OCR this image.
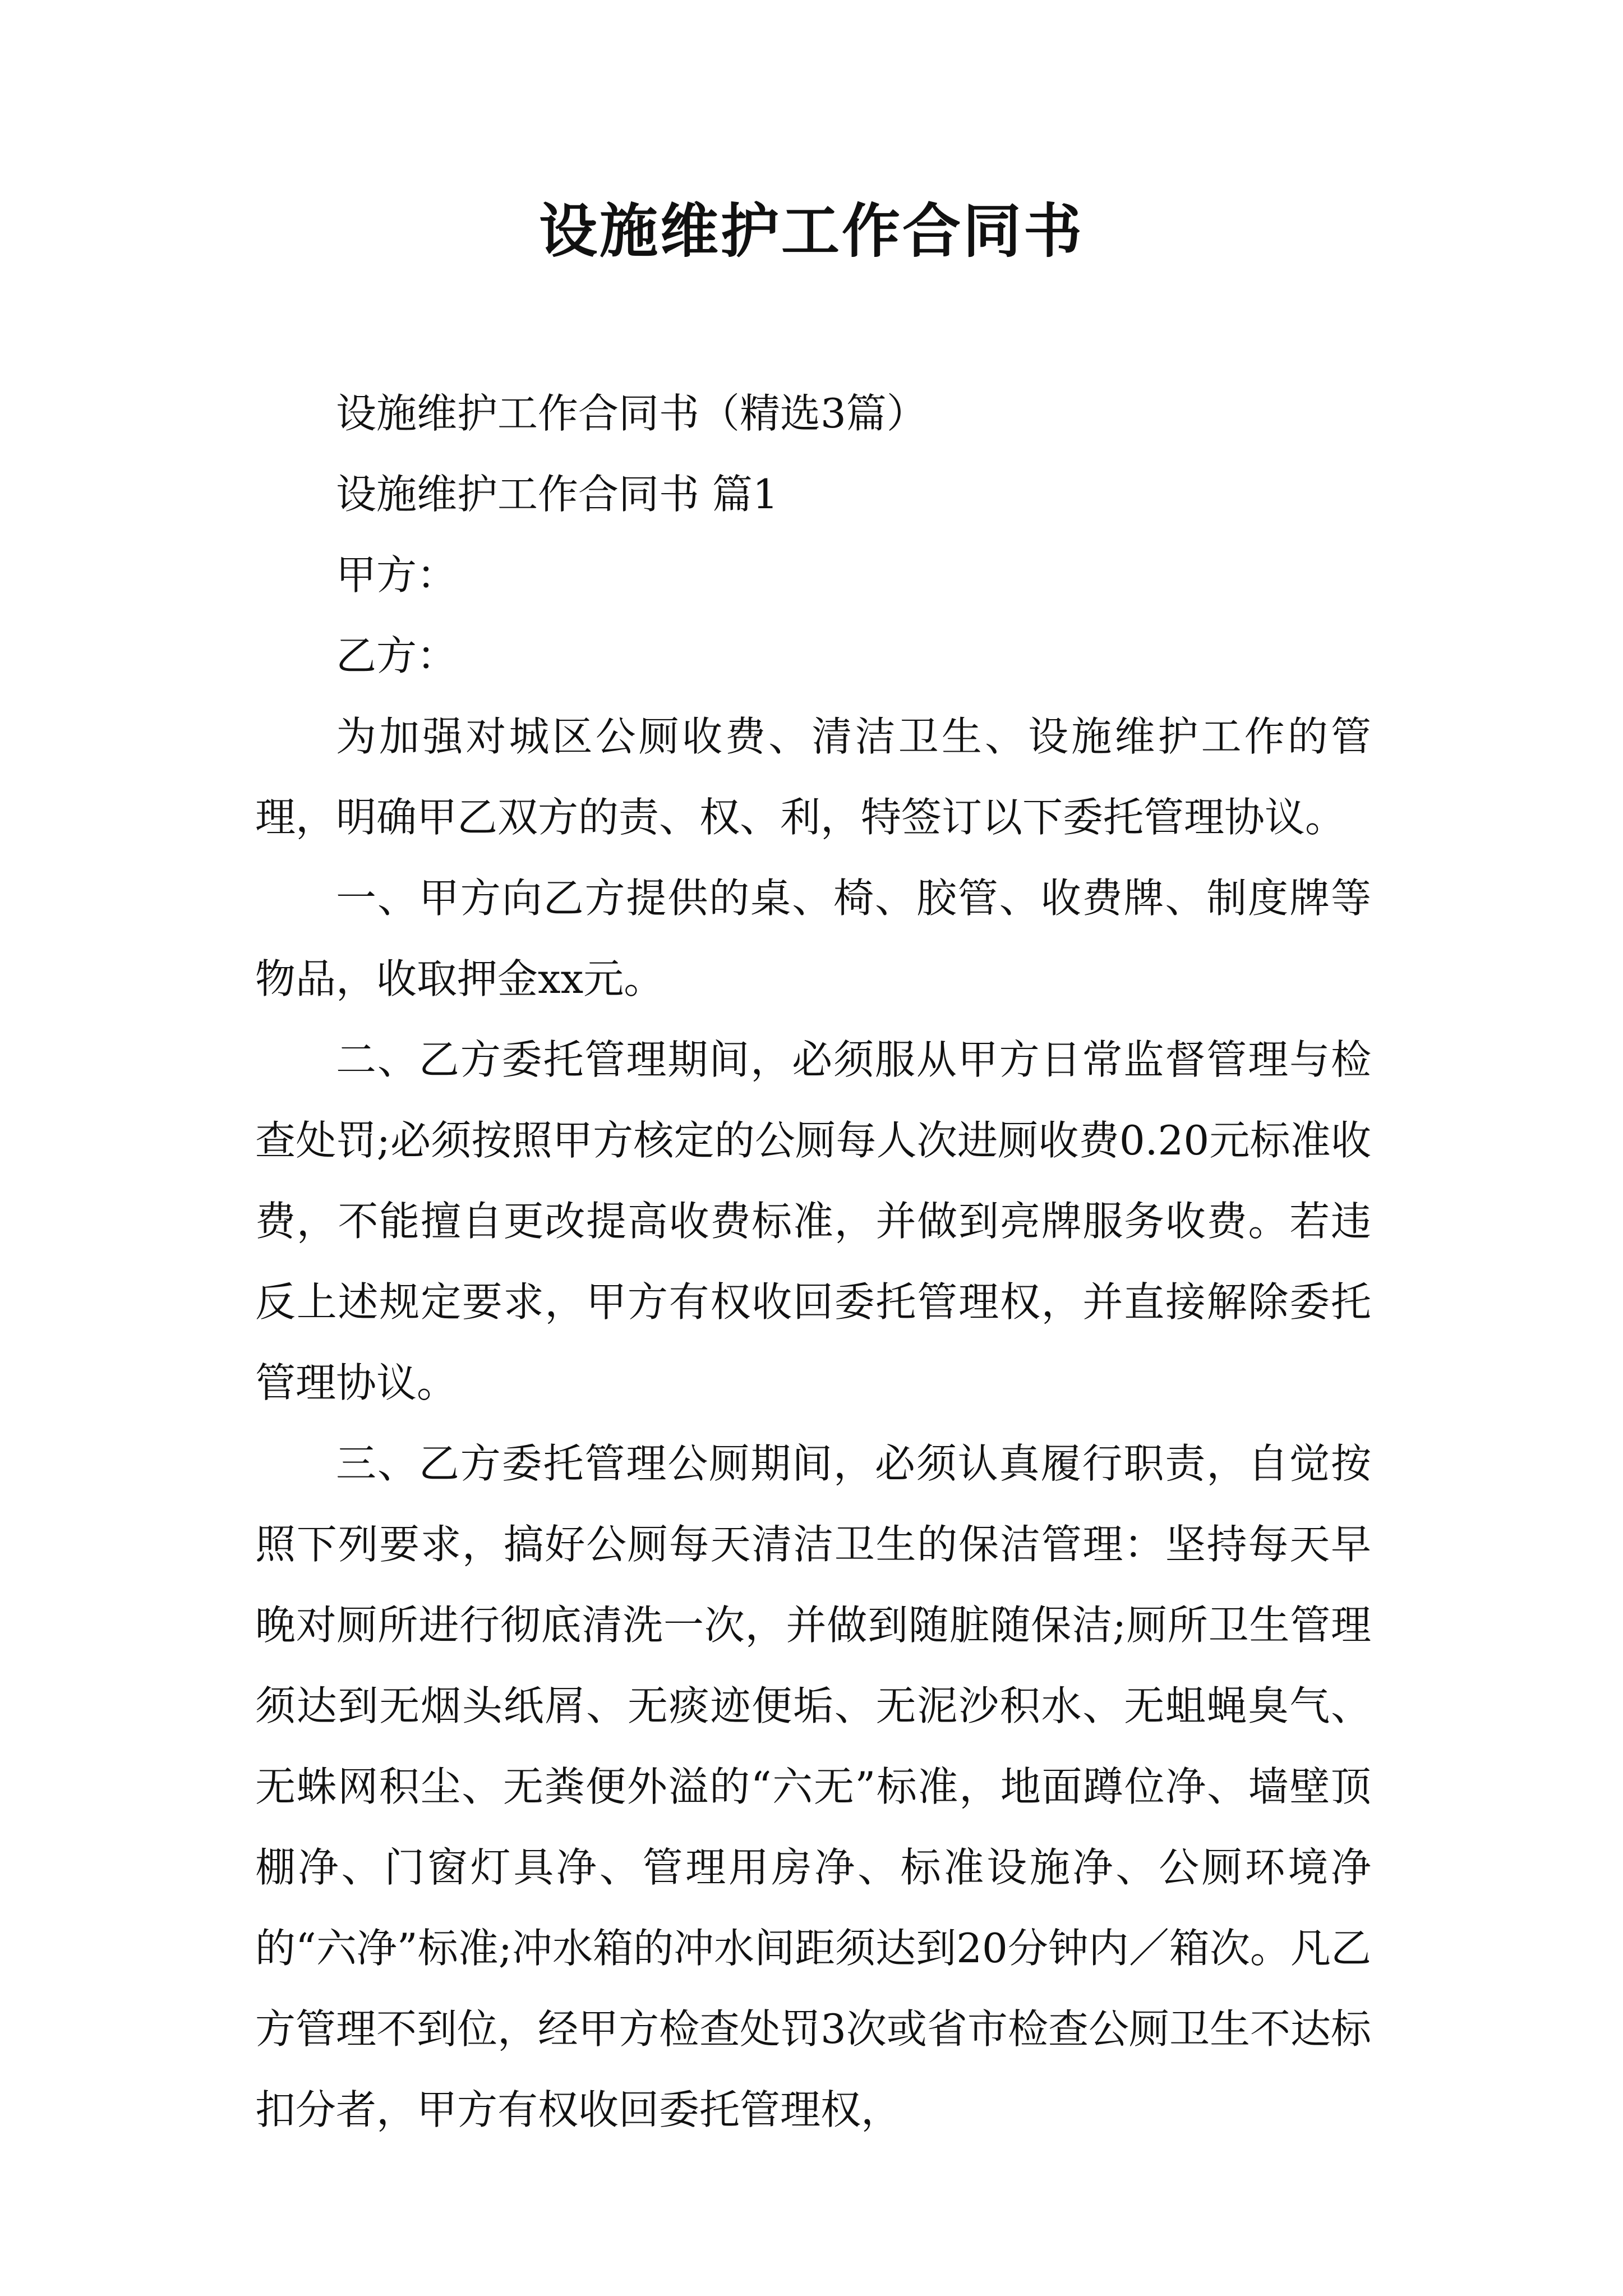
设施维护工作合同书

设施维护工作合同书（精选3篇）

设施维护工作合同书 篇1

甲方：

乙方：

为加强对城区公厕收费、清洁卫生、设施维护工作的管理，明确甲乙双方的责、权、利，特签订以下委托管理协议。

一、甲方向乙方提供的桌、椅、胶管、收费牌、制度牌等物品，收取押金xx元。

二、乙方委托管理期间，必须服从甲方日常监督管理与检查处罚;必须按照甲方核定的公厕每人次进厕收费0.20元标准收费，不能擅自更改提高收费标准，并做到亮牌服务收费。若违反上述规定要求，甲方有权收回委托管理权，并直接解除委托管理协议。

三、乙方委托管理公厕期间，必须认真履行职责，自觉按照下列要求，搞好公厕每天清洁卫生的保洁管理：坚持每天早晚对厕所进行彻底清洗一次，并做到随脏随保洁;厕所卫生管理须达到无烟头纸屑、无痰迹便垢、无泥沙积水、无蛆蝇臭气、无蛛网积尘、无粪便外溢的“六无”标准，地面蹲位净、墙壁顶棚净、门窗灯具净、管理用房净、标准设施净、公厕环境净的“六净”标准;冲水箱的冲水间距须达到20分钟内／箱次。凡乙方管理不到位，经甲方检查处罚3次或省市检查公厕卫生不达标扣分者，甲方有权收回委托管理权，
